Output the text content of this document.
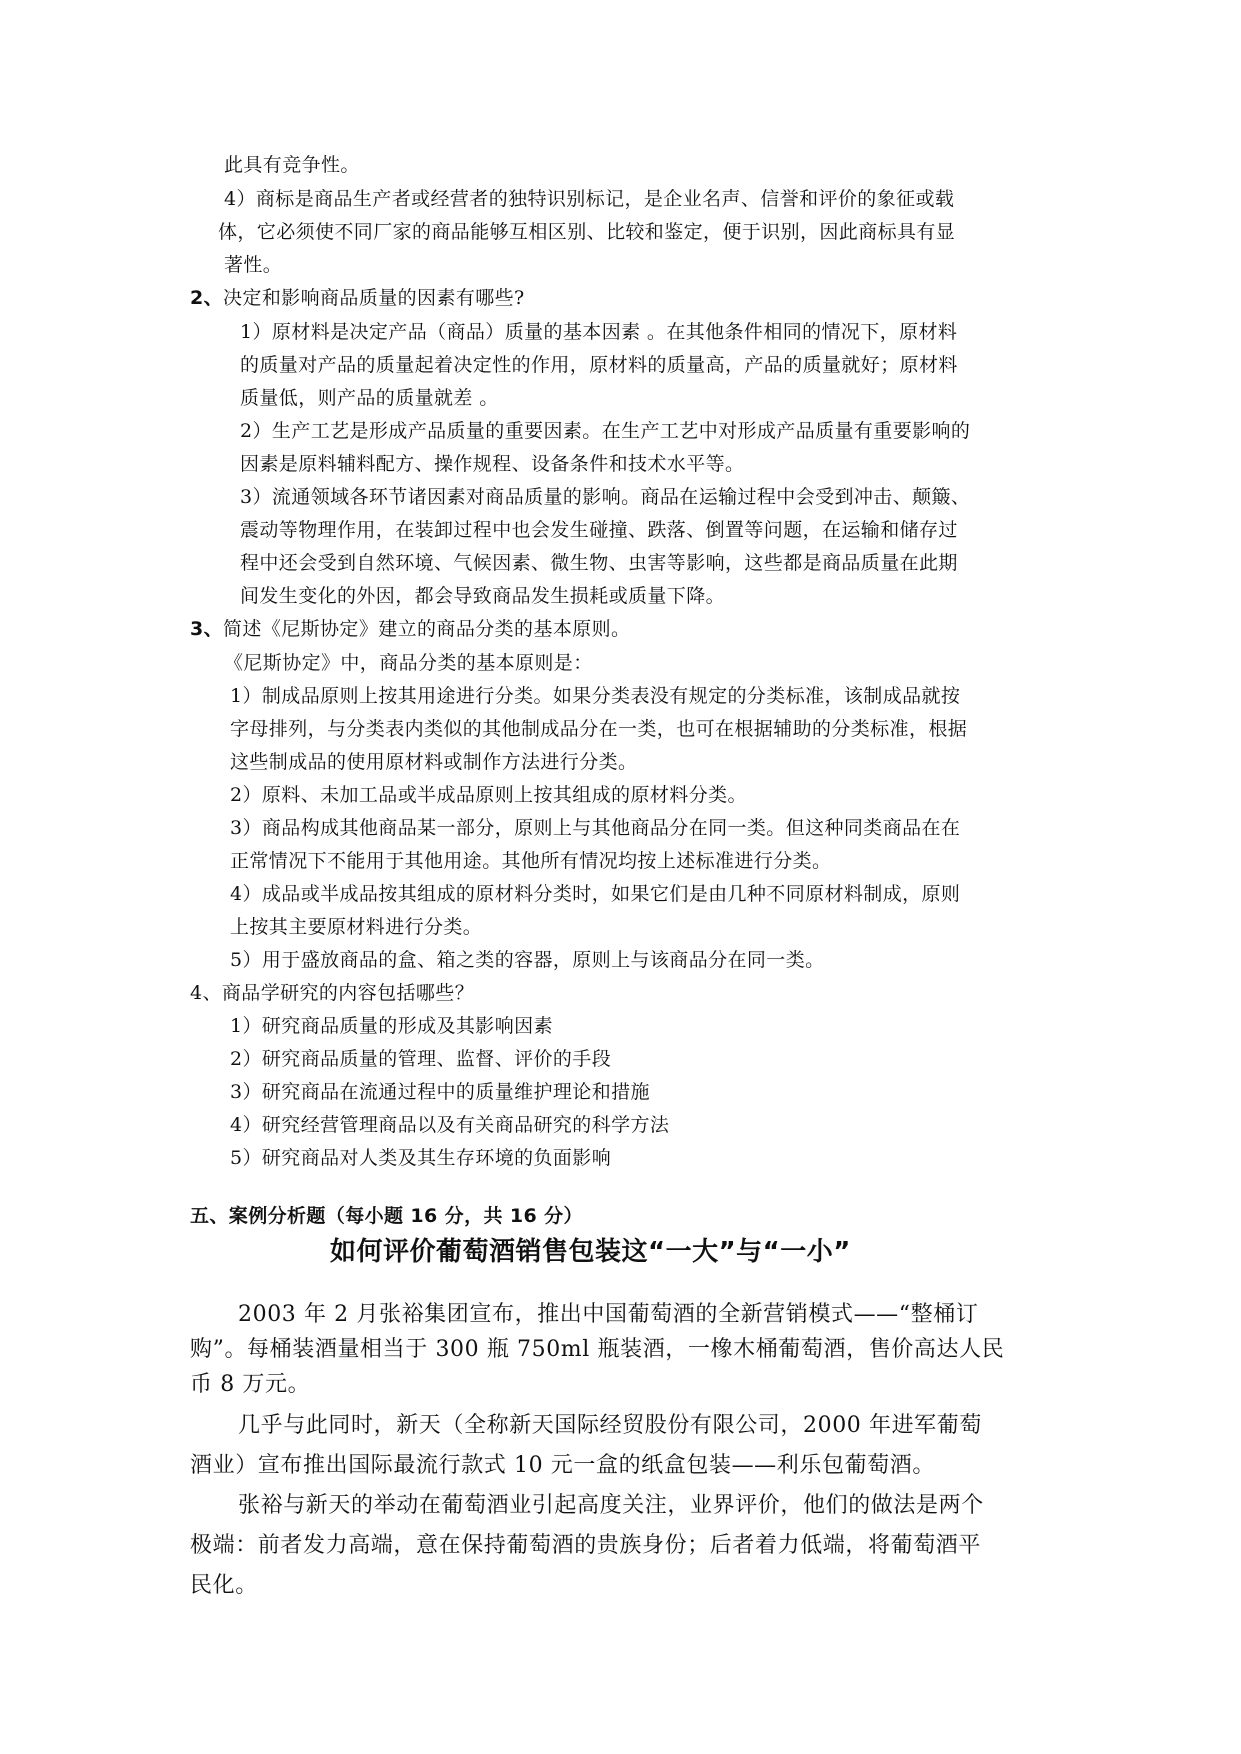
此具有竞争性。
4）商标是商品生产者或经营者的独特识别标记，是企业名声、信誉和评价的象征或载
体，它必须使不同厂家的商品能够互相区别、比较和鉴定，便于识别，因此商标具有显
著性。
2、决定和影响商品质量的因素有哪些?
1）原材料是决定产品（商品）质量的基本因素 。在其他条件相同的情况下，原材料
的质量对产品的质量起着决定性的作用，原材料的质量高，产品的质量就好；原材料
质量低，则产品的质量就差 。
2）生产工艺是形成产品质量的重要因素。在生产工艺中对形成产品质量有重要影响的
因素是原料辅料配方、操作规程、设备条件和技术水平等。
3）流通领域各环节诸因素对商品质量的影响。商品在运输过程中会受到冲击、颠簸、
震动等物理作用，在装卸过程中也会发生碰撞、跌落、倒置等问题，在运输和储存过
程中还会受到自然环境、气候因素、微生物、虫害等影响，这些都是商品质量在此期
间发生变化的外因，都会导致商品发生损耗或质量下降。
3、简述《尼斯协定》建立的商品分类的基本原则。
《尼斯协定》中，商品分类的基本原则是：
1）制成品原则上按其用途进行分类。如果分类表没有规定的分类标准，该制成品就按
字母排列，与分类表内类似的其他制成品分在一类，也可在根据辅助的分类标准，根据
这些制成品的使用原材料或制作方法进行分类。
2）原料、未加工品或半成品原则上按其组成的原材料分类。
3）商品构成其他商品某一部分，原则上与其他商品分在同一类。但这种同类商品在在
正常情况下不能用于其他用途。其他所有情况均按上述标准进行分类。
4）成品或半成品按其组成的原材料分类时，如果它们是由几种不同原材料制成，原则
上按其主要原材料进行分类。
5）用于盛放商品的盒、箱之类的容器，原则上与该商品分在同一类。
4、商品学研究的内容包括哪些？
1）研究商品质量的形成及其影响因素
2）研究商品质量的管理、监督、评价的手段
3）研究商品在流通过程中的质量维护理论和措施
4）研究经营管理商品以及有关商品研究的科学方法
5）研究商品对人类及其生存环境的负面影响
五、案例分析题（每小题 16 分，共 16 分）
如何评价葡萄酒销售包装这“一大”与“一小”
2003 年 2 月张裕集团宣布，推出中国葡萄酒的全新营销模式——“整桶订
购”。每桶装酒量相当于 300 瓶 750ml 瓶装酒，一橡木桶葡萄酒，售价高达人民
币 8 万元。
几乎与此同时，新天（全称新天国际经贸股份有限公司，2000 年进军葡萄
酒业）宣布推出国际最流行款式 10 元一盒的纸盒包装——利乐包葡萄酒。
张裕与新天的举动在葡萄酒业引起高度关注，业界评价，他们的做法是两个
极端：前者发力高端，意在保持葡萄酒的贵族身份；后者着力低端，将葡萄酒平
民化。
